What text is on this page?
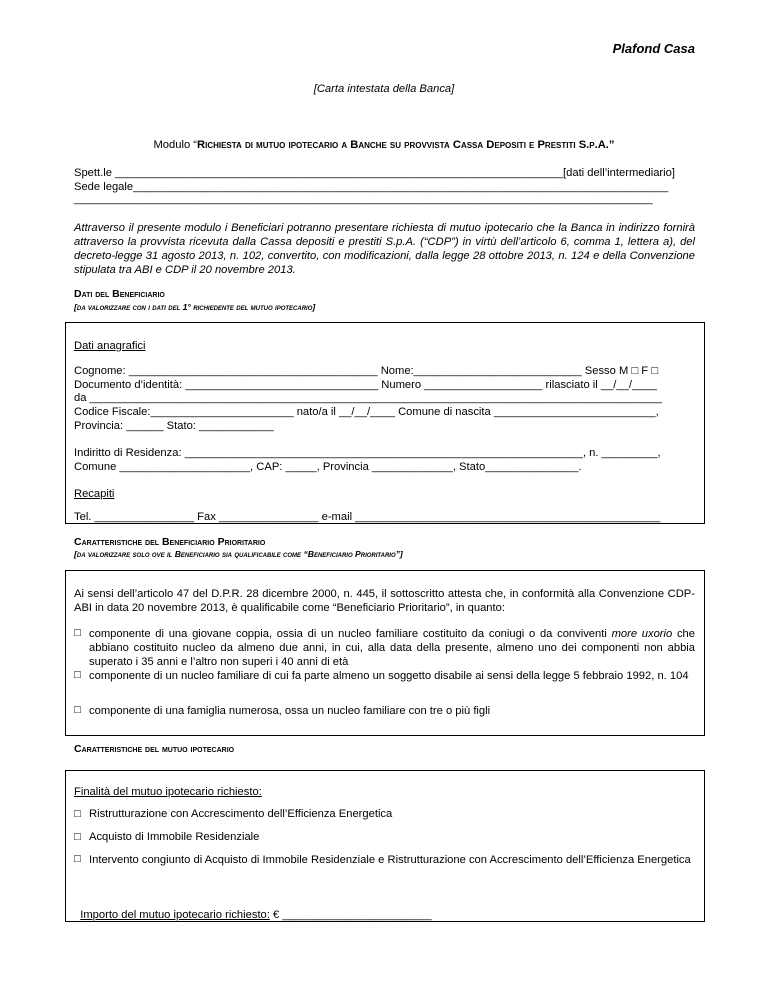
Plafond Casa
[Carta intestata della Banca]
Modulo “Richiesta di mutuo ipotecario a Banche su provvista Cassa Depositi e Prestiti S.p.A.”
Spett.le ________________________________________________________________________[dati dell’intermediario]
Sede legale______________________________________________________________________________________
_____________________________________________________________________________________________
Attraverso il presente modulo i Beneficiari potranno presentare richiesta di mutuo ipotecario che la Banca in indirizzo fornirà attraverso la provvista ricevuta dalla Cassa depositi e prestiti S.p.A. (“CDP”) in virtù dell’articolo 6, comma 1, lettera a), del decreto-legge 31 agosto 2013, n. 102, convertito, con modificazioni, dalla legge 28 ottobre 2013, n. 124 e della Convenzione stipulata tra ABI e CDP il 20 novembre 2013.
Dati del Beneficiario
[da valorizzare con i dati del 1° richiedente del mutuo ipotecario]
Dati anagrafici
Cognome: ________________________________________ Nome:___________________________ Sesso M □ F □
Documento d’identità: _______________________________ Numero ___________________ rilasciato il __/__/____
da ____________________________________________________________________________________________
Codice Fiscale:_______________________ nato/a il __/__/____ Comune di nascita __________________________,
Provincia: ______ Stato: ____________
Indiritto di Residenza: ________________________________________________________________, n. _________,
Comune _____________________, CAP: _____, Provincia _____________, Stato_______________.
Recapiti
Tel. ________________ Fax ________________ e-mail _________________________________________________
Caratteristiche del Beneficiario Prioritario
[da valorizzare solo ove il Beneficiario sia qualificabile come “Beneficiario Prioritario”]
Ai sensi dell’articolo 47 del D.P.R. 28 dicembre 2000, n. 445, il sottoscritto attesta che, in conformità alla Convenzione CDP-ABI in data 20 novembre 2013, è qualificabile come “Beneficiario Prioritario”, in quanto:
□ componente di una giovane coppia, ossia di un nucleo familiare costituito da coniugi o da conviventi more uxorio che abbiano costituito nucleo da almeno due anni, in cui, alla data della presente, almeno uno dei componenti non abbia superato i 35 anni e l’altro non superi i 40 anni di età
□ componente di un nucleo familiare di cui fa parte almeno un soggetto disabile ai sensi della legge 5 febbraio 1992, n. 104
□ componente di una famiglia numerosa, ossa un nucleo familiare con tre o più figli
Caratteristiche del mutuo ipotecario
Finalità del mutuo ipotecario richiesto:
□ Ristrutturazione con Accrescimento dell’Efficienza Energetica
□ Acquisto di Immobile Residenziale
□ Intervento congiunto di Acquisto di Immobile Residenziale e Ristrutturazione con Accrescimento dell’Efficienza Energetica

Importo del mutuo ipotecario richiesto: € ________________________
